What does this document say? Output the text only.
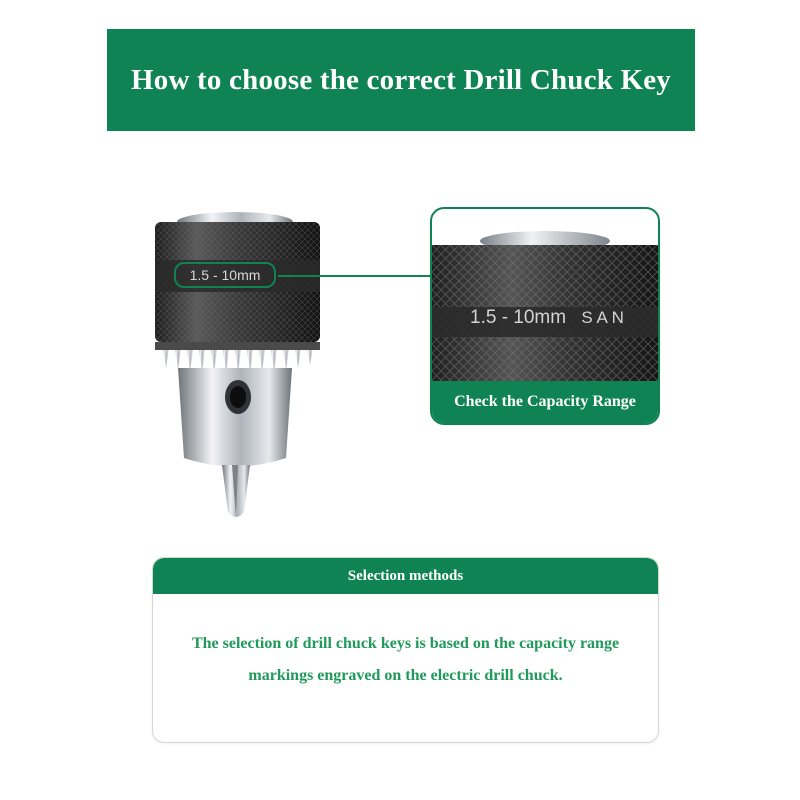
How to choose the correct Drill Chuck Key
1.5 - 10mm
1.5 - 10mm S A N
Check the Capacity Range
Selection methods
The selection of drill chuck keys is based on the capacity range markings engraved on the electric drill chuck.
